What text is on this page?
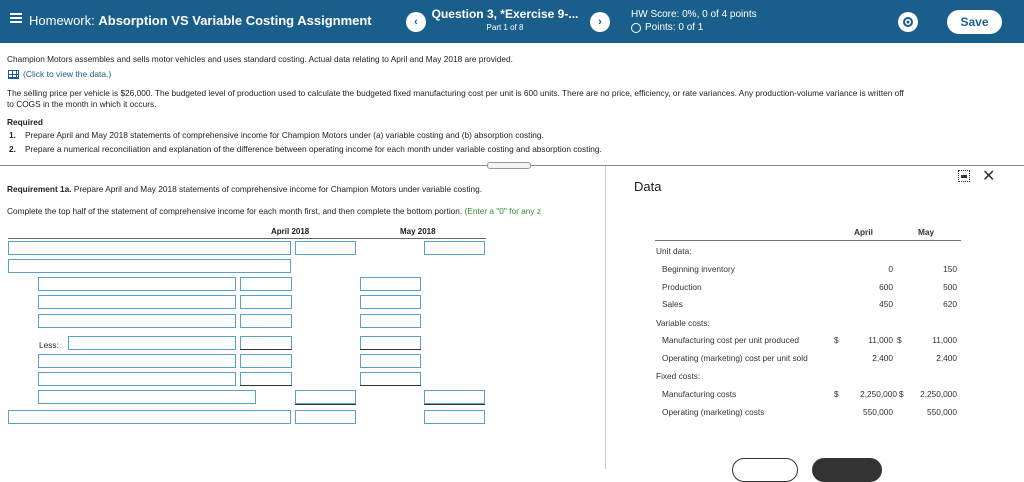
Homework: Absorption VS Variable Costing Assignment	‹
Question 3, *Exercise 9-...
Part 1 of 8	›
HW Score: 0%, 0 of 4 points
Points: 0 of 1	Save
Champion Motors assembles and sells motor vehicles and uses standard costing. Actual data relating to April and May 2018 are provided.
(Click to view the data.)
The selling price per vehicle is $26,000. The budgeted level of production used to calculate the budgeted fixed manufacturing cost per unit is 600 units. There are no price, efficiency, or rate variances. Any production-volume variance is written off
to COGS in the month in which it occurs.
Required
1. Prepare April and May 2018 statements of comprehensive income for Champion Motors under (a) variable costing and (b) absorption costing.
2. Prepare a numerical reconciliation and explanation of the difference between operating income for each month under variable costing and absorption costing.
Requirement 1a. Prepare April and May 2018 statements of comprehensive income for Champion Motors under variable costing.
Complete the top half of the statement of comprehensive income for each month first, and then complete the bottom portion. (Enter a "0" for any z
April 2018	May 2018
Less:
Data
✕
April	May
Unit data:
Beginning inventory	0	150
Production	600	500
Sales	450	620
Variable costs:
Manufacturing cost per unit produced	$	11,000 $	11,000
Operating (marketing) cost per unit sold	2,400	2,400
Fixed costs:
Manufacturing costs	$	2,250,000 $	2,250,000
Operating (marketing) costs	550,000	550,000
